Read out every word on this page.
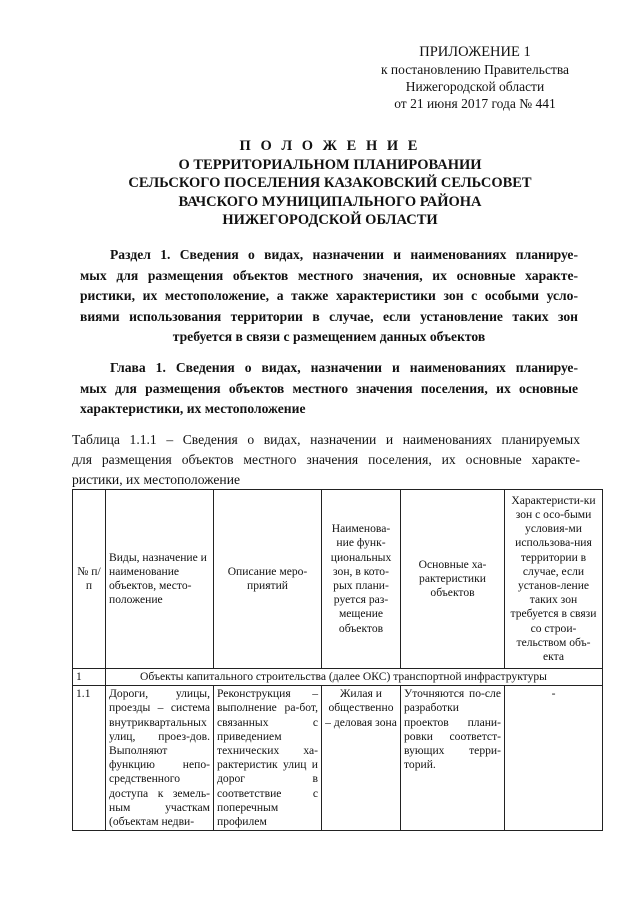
ПРИЛОЖЕНИЕ 1
к постановлению Правительства
Нижегородской области
от 21 июня 2017 года № 441
П О Л О Ж Е Н И Е
О ТЕРРИТОРИАЛЬНОМ ПЛАНИРОВАНИИ
СЕЛЬСКОГО ПОСЕЛЕНИЯ КАЗАКОВСКИЙ СЕЛЬСОВЕТ
ВАЧСКОГО МУНИЦИПАЛЬНОГО РАЙОНА
НИЖЕГОРОДСКОЙ ОБЛАСТИ
Раздел 1. Сведения о видах, назначении и наименованиях планируе-
мых для размещения объектов местного значения, их основные характе-
ристики, их местоположение, а также характеристики зон с особыми усло-
виями использования территории в случае, если установление таких зон
требуется в связи с размещением данных объектов
Глава 1. Сведения о видах, назначении и наименованиях планируе-
мых для размещения объектов местного значения поселения, их основные
характеристики, их местоположение
Таблица 1.1.1 – Сведения о видах, назначении и наименованиях планируемых
для размещения объектов местного значения поселения, их основные характе-
ристики, их местоположение
№ п/п	Виды, назначение и наименование объектов, место-положение	Описание меро-приятий	Наименова-ние функ-циональных зон, в кото-рых плани-руется раз-мещение объектов	Основные ха-рактеристики объектов	Характеристи-ки зон с осо-быми условия-ми использова-ния территории в случае, если установ-ление таких зон требуется в связи со строи-тельством объ-екта
1	Объекты капитального строительства (далее ОКС) транспортной инфраструктуры				
1.1	Дороги, улицы, проезды – система внутриквартальных улиц, проез-дов. Выполняют функцию непо-средственного доступа к земель-ным участкам (объектам недви-	Реконструкция – выполнение ра-бот, связанных с приведением технических ха-рактеристик улиц и дорог в соответствие с поперечным профилем	Жилая и общественно – деловая зона	Уточняются по-сле разработки проектов плани-ровки соответст-вующих терри-торий.	-
